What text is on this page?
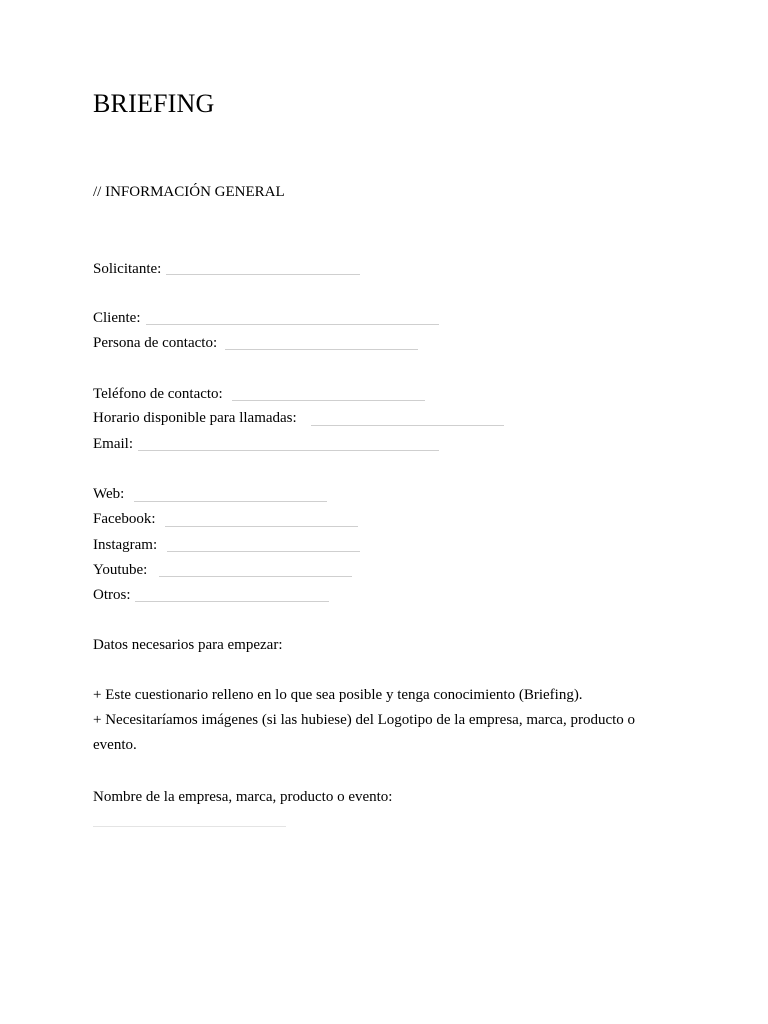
BRIEFING
// INFORMACIÓN GENERAL
Solicitante:
Cliente:
Persona de contacto:
Teléfono de contacto:
Horario disponible para llamadas:
Email:
Web:
Facebook:
Instagram:
Youtube:
Otros:
Datos necesarios para empezar:
+ Este cuestionario relleno en lo que sea posible y tenga conocimiento (Briefing).
+ Necesitaríamos imágenes (si las hubiese) del Logotipo de la empresa, marca, producto o evento.
Nombre de la empresa, marca, producto o evento:
